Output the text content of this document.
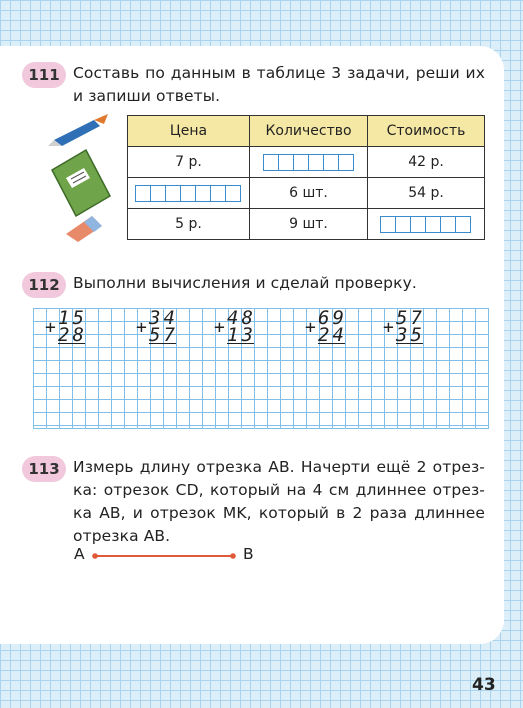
111 Составь по данным в таблице 3 задачи, реши их
и запиши ответы.
Цена	Количество	Стоимость
7 р.		42 р.

	6 шт.	54 р.
5 р.	9 шт.	
112 Выполни вычисления и сделай проверку.
+ 15
28	+ 34
57 + 48
13	+ 69
24 + 57
35
113 Измерь длину отрезка AB. Начерти ещё 2 отрез-
ка: отрезок CD, который на 4 см длиннее отрез-
ка AB, и отрезок MK, который в 2 раза длиннее
отрезка AB.
A	B
43
